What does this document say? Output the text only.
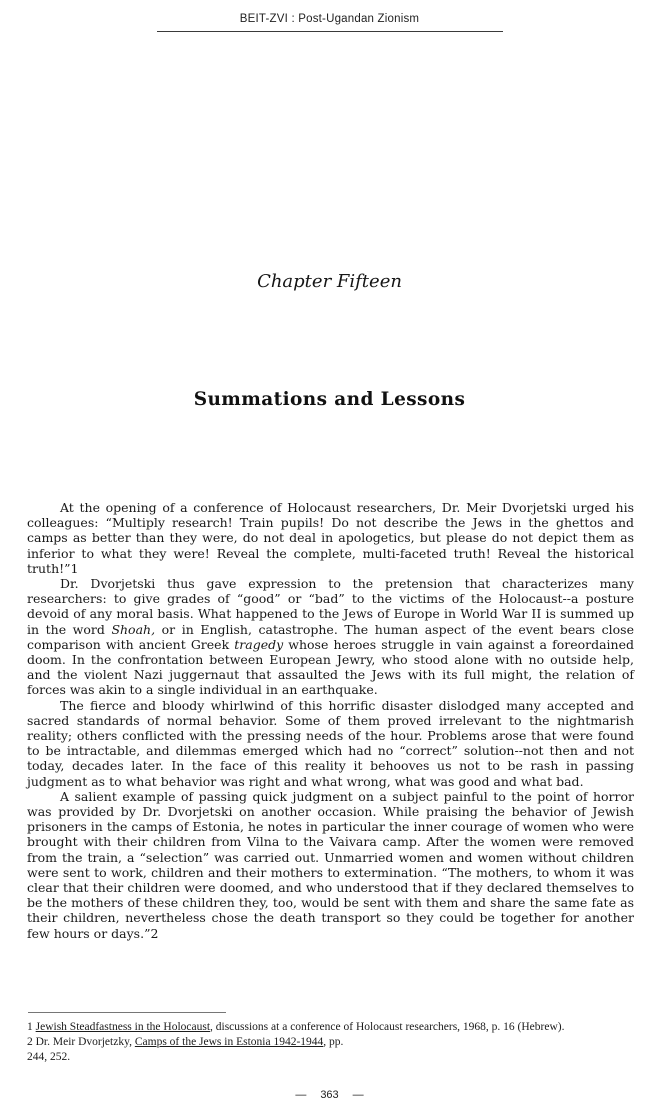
BEIT-ZVI : Post-Ugandan Zionism
Chapter Fifteen
Summations and Lessons

At the opening of a conference of Holocaust researchers, Dr. Meir Dvorjetski urged his colleagues: “Multiply research! Train pupils! Do not describe the Jews in the ghettos and camps as better than they were, do not deal in apologetics, but please do not depict them as inferior to what they were! Reveal the complete, multi-faceted truth! Reveal the historical truth!”1

Dr. Dvorjetski thus gave expression to the pretension that characterizes many researchers: to give grades of “good” or “bad” to the victims of the Holocaust--a posture devoid of any moral basis. What happened to the Jews of Europe in World War II is summed up in the word Shoah, or in English, catastrophe. The human aspect of the event bears close comparison with ancient Greek tragedy whose heroes struggle in vain against a foreordained doom. In the confrontation between European Jewry, who stood alone with no outside help, and the violent Nazi juggernaut that assaulted the Jews with its full might, the relation of forces was akin to a single individual in an earthquake.

The fierce and bloody whirlwind of this horrific disaster dislodged many accepted and sacred standards of normal behavior. Some of them proved irrelevant to the nightmarish reality; others conflicted with the pressing needs of the hour. Problems arose that were found to be intractable, and dilemmas emerged which had no “correct” solution--not then and not today, decades later. In the face of this reality it behooves us not to be rash in passing judgment as to what behavior was right and what wrong, what was good and what bad.

A salient example of passing quick judgment on a subject painful to the point of horror was provided by Dr. Dvorjetski on another occasion. While praising the behavior of Jewish prisoners in the camps of Estonia, he notes in particular the inner courage of women who were brought with their children from Vilna to the Vaivara camp. After the women were removed from the train, a “selection” was carried out. Unmarried women and women without children were sent to work, children and their mothers to extermination. “The mothers, to whom it was clear that their children were doomed, and who understood that if they declared themselves to be the mothers of these children they, too, would be sent with them and share the same fate as their children, nevertheless chose the death transport so they could be together for another few hours or days.”2

1 Jewish Steadfastness in the Holocaust, discussions at a conference of Holocaust researchers, 1968, p. 16 (Hebrew).
2 Dr. Meir Dvorjetzky, Camps of the Jews in Estonia 1942-1944, pp.
244, 252.
— 363 —
